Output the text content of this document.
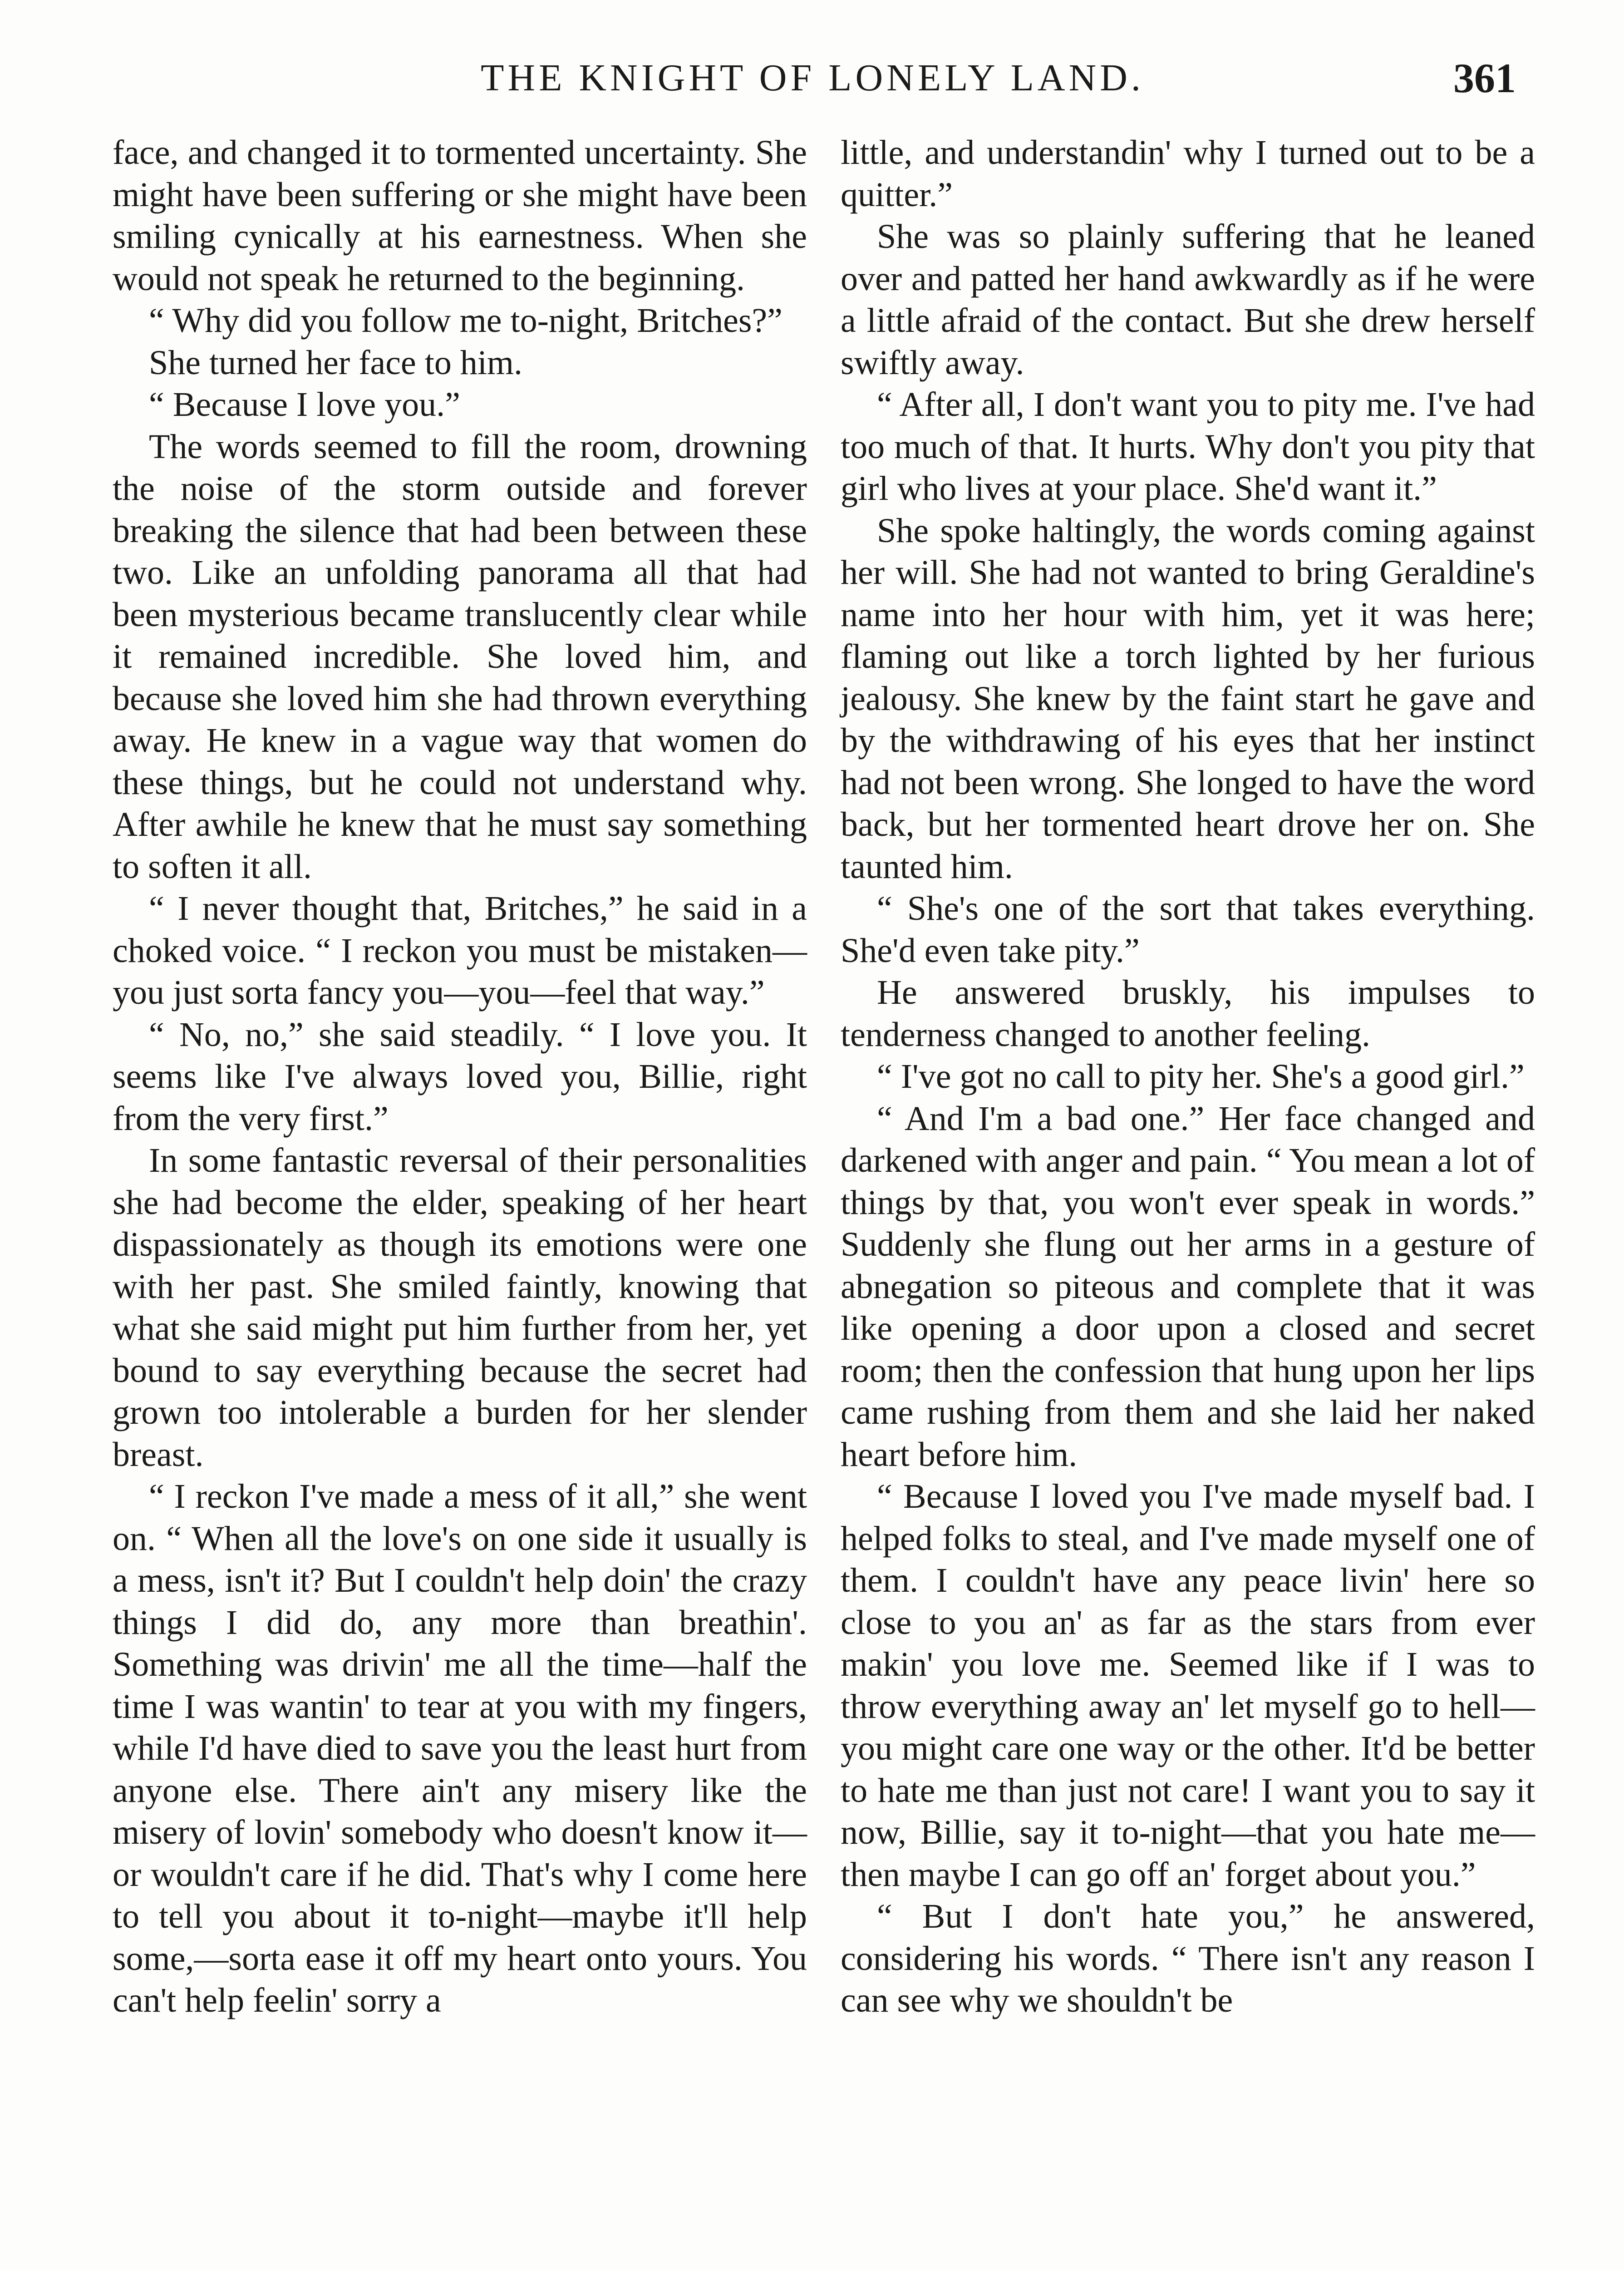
THE KNIGHT OF LONELY LAND.	361

face, and changed it to tormented uncertainty. She might have been suffering or she might have been smiling cynically at his earnestness. When she would not speak he returned to the beginning.

“ Why did you follow me to-night, Britches?”

She turned her face to him.

“ Because I love you.”

The words seemed to fill the room, drowning the noise of the storm outside and forever breaking the silence that had been between these two. Like an unfolding panorama all that had been mysterious became translucently clear while it remained incredible. She loved him, and because she loved him she had thrown everything away. He knew in a vague way that women do these things, but he could not understand why. After awhile he knew that he must say something to soften it all.

“ I never thought that, Britches,” he said in a choked voice. “ I reckon you must be mistaken—you just sorta fancy you—you—feel that way.”

“ No, no,” she said steadily. “ I love you. It seems like I've always loved you, Billie, right from the very first.”

In some fantastic reversal of their personalities she had become the elder, speaking of her heart dispassionately as though its emotions were one with her past. She smiled faintly, knowing that what she said might put him further from her, yet bound to say everything because the secret had grown too intolerable a burden for her slender breast.

“ I reckon I've made a mess of it all,” she went on. “ When all the love's on one side it usually is a mess, isn't it? But I couldn't help doin' the crazy things I did do, any more than breathin'. Something was drivin' me all the time—half the time I was wantin' to tear at you with my fingers, while I'd have died to save you the least hurt from anyone else. There ain't any misery like the misery of lovin' somebody who doesn't know it—or wouldn't care if he did. That's why I come here to tell you about it to-night—maybe it'll help some,—sorta ease it off my heart onto yours. You can't help feelin' sorry a

little, and understandin' why I turned out to be a quitter.”

She was so plainly suffering that he leaned over and patted her hand awkwardly as if he were a little afraid of the contact. But she drew herself swiftly away.

“ After all, I don't want you to pity me. I've had too much of that. It hurts. Why don't you pity that girl who lives at your place. She'd want it.”

She spoke haltingly, the words coming against her will. She had not wanted to bring Geraldine's name into her hour with him, yet it was here; flaming out like a torch lighted by her furious jealousy. She knew by the faint start he gave and by the withdrawing of his eyes that her instinct had not been wrong. She longed to have the word back, but her tormented heart drove her on. She taunted him.

“ She's one of the sort that takes everything. She'd even take pity.”

He answered bruskly, his impulses to tenderness changed to another feeling.

“ I've got no call to pity her. She's a good girl.”

“ And I'm a bad one.” Her face changed and darkened with anger and pain. “ You mean a lot of things by that, you won't ever speak in words.” Suddenly she flung out her arms in a gesture of abnegation so piteous and complete that it was like opening a door upon a closed and secret room; then the confession that hung upon her lips came rushing from them and she laid her naked heart before him.

“ Because I loved you I've made myself bad. I helped folks to steal, and I've made myself one of them. I couldn't have any peace livin' here so close to you an' as far as the stars from ever makin' you love me. Seemed like if I was to throw everything away an' let myself go to hell—you might care one way or the other. It'd be better to hate me than just not care! I want you to say it now, Billie, say it to-night—that you hate me—then maybe I can go off an' forget about you.”

“ But I don't hate you,” he answered, considering his words. “ There isn't any reason I can see why we shouldn't be
